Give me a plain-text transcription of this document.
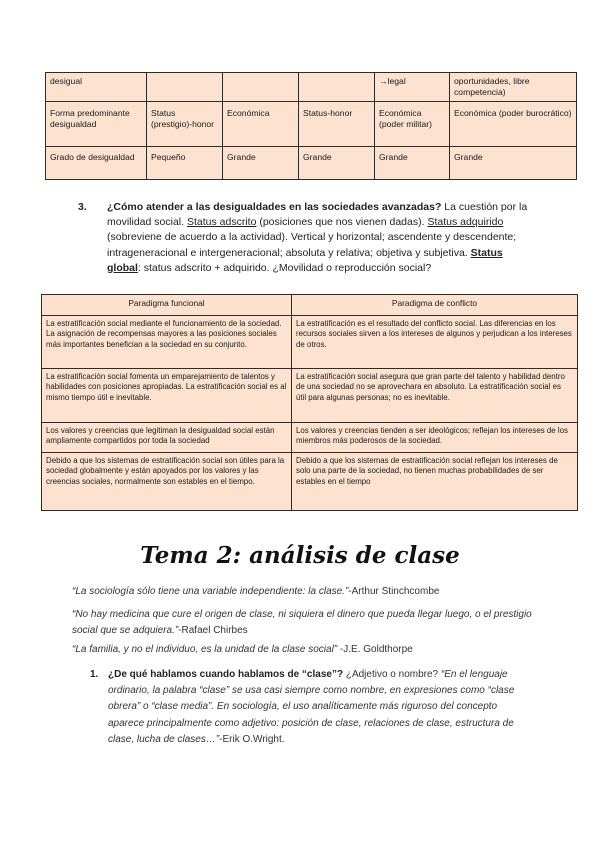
desigual				→legal	oportunidades, libre competencia)
Forma predominante desigualdad	Status (prestigio)-honor	Económica	Status-honor	Económica (poder militar)	Económica (poder burocrático)
Grado de desigualdad	Pequeño	Grande	Grande	Grande	Grande
3. ¿Cómo atender a las desigualdades en las sociedades avanzadas? La cuestión por la movilidad social. Status adscrito (posiciones que nos vienen dadas). Status adquirido (sobreviene de acuerdo a la actividad). Vertical y horizontal; ascendente y descendente; intrageneracional e intergeneracional; absoluta y relativa; objetiva y subjetiva. Status global: status adscrito + adquirido. ¿Movilidad o reproducción social?
Paradigma funcional	Paradigma de conflicto
La estratificación social mediante el funcionamiento de la sociedad. La asignación de recompensas mayores a las posiciones sociales más importantes benefician a la sociedad en su conjunto.	La estratificación es el resultado del conflicto social. Las diferencias en los recursos sociales sirven a los intereses de algunos y perjudican a los intereses de otros.
La estratificación social fomenta un emparejamiento de talentos y habilidades con posiciones apropiadas. La estratificación social es al mismo tiempo útil e inevitable.	La estratificación social asegura que gran parte del talento y habilidad dentro de una sociedad no se aprovechara en absoluto. La estratificación social es útil para algunas personas; no es inevitable.
Los valores y creencias que legitiman la desigualdad social están ampliamente compartidos por toda la sociedad	Los valores y creencias tienden a ser ideológicos; reflejan los intereses de los miembros más poderosos de la sociedad.
Debido a que los sistemas de estratificación social son útiles para la sociedad globalmente y están apoyados por los valores y las creencias sociales, normalmente son estables en el tiempo.	Debido a que los sistemas de estratificación social reflejan los intereses de solo una parte de la sociedad, no tienen muchas probabilidades de ser estables en el tiempo
Tema 2: análisis de clase
“La sociología sólo tiene una variable independiente: la clase.”-Arthur Stinchcombe
“No hay medicina que cure el origen de clase, ni siquiera el dinero que pueda llegar luego, o el prestigio social que se adquiera.”-Rafael Chirbes
“La familia, y no el individuo, es la unidad de la clase social” -J.E. Goldthorpe
1. ¿De qué hablamos cuando hablamos de “clase”? ¿Adjetivo o nombre? “En el lenguaje ordinario, la palabra “clase” se usa casi siempre como nombre, en expresiones como “clase obrera” o “clase media”. En sociología, el uso analíticamente más riguroso del concepto aparece principalmente como adjetivo: posición de clase, relaciones de clase, estructura de clase, lucha de clases…”-Erik O.Wright.
